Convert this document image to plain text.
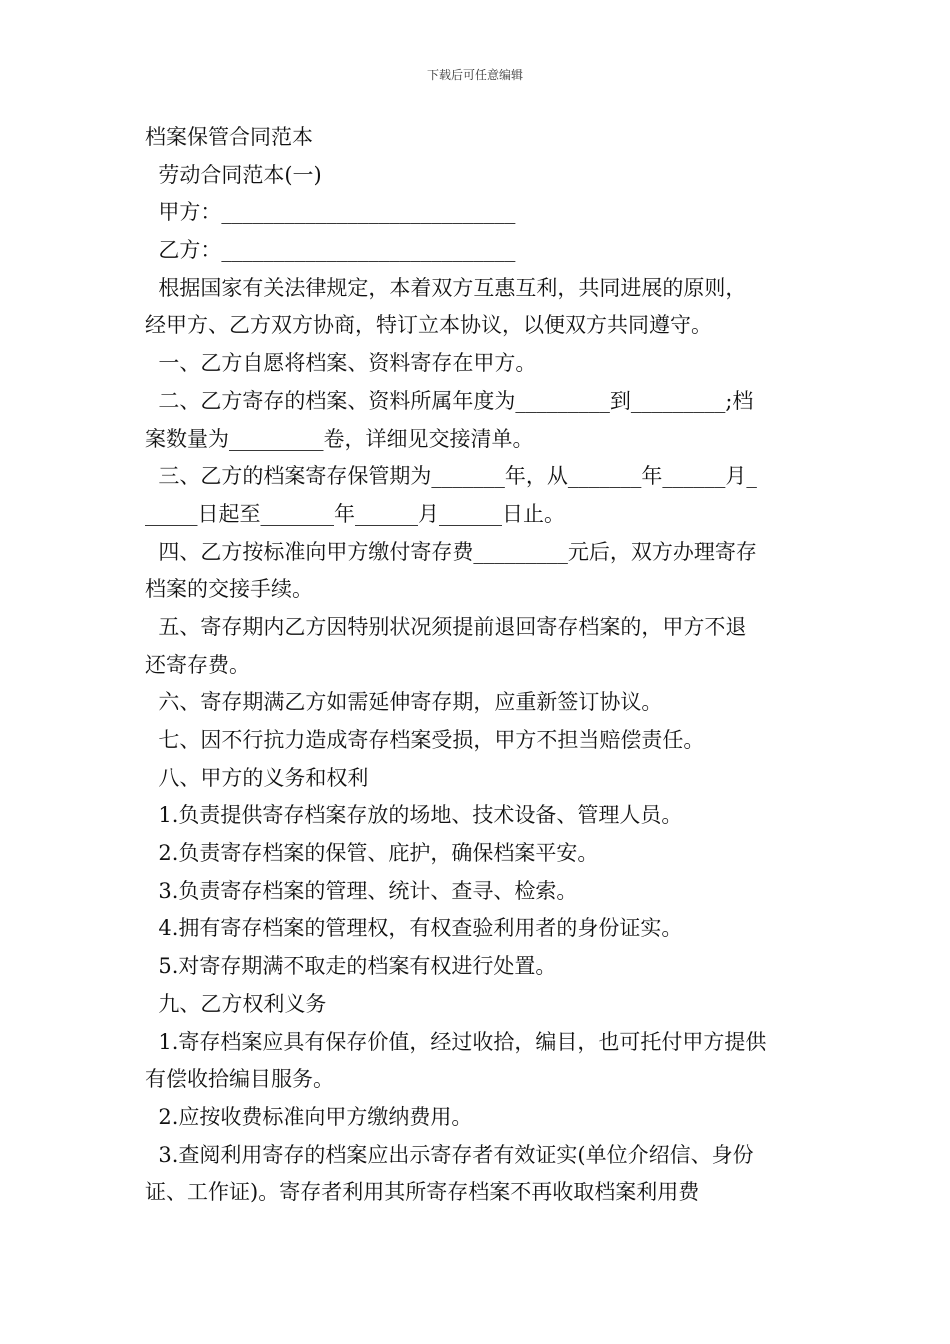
下载后可任意编辑
档案保管合同范本
劳动合同范本(一)
甲方：____________________________
乙方：____________________________
根据国家有关法律规定，本着双方互惠互利，共同进展的原则，
经甲方、乙方双方协商，特订立本协议，以便双方共同遵守。
一、乙方自愿将档案、资料寄存在甲方。
二、乙方寄存的档案、资料所属年度为_________到_________;档
案数量为_________卷，详细见交接清单。
三、乙方的档案寄存保管期为_______年，从_______年______月_
_____日起至_______年______月______日止。
四、乙方按标准向甲方缴付寄存费_________元后，双方办理寄存
档案的交接手续。
五、寄存期内乙方因特别状况须提前退回寄存档案的，甲方不退
还寄存费。
六、寄存期满乙方如需延伸寄存期，应重新签订协议。
七、因不行抗力造成寄存档案受损，甲方不担当赔偿责任。
八、甲方的义务和权利
1.负责提供寄存档案存放的场地、技术设备、管理人员。
2.负责寄存档案的保管、庇护，确保档案平安。
3.负责寄存档案的管理、统计、查寻、检索。
4.拥有寄存档案的管理权，有权查验利用者的身份证实。
5.对寄存期满不取走的档案有权进行处置。
九、乙方权利义务
1.寄存档案应具有保存价值，经过收拾，编目，也可托付甲方提供
有偿收拾编目服务。
2.应按收费标准向甲方缴纳费用。
3.查阅利用寄存的档案应出示寄存者有效证实(单位介绍信、身份
证、工作证)。寄存者利用其所寄存档案不再收取档案利用费
